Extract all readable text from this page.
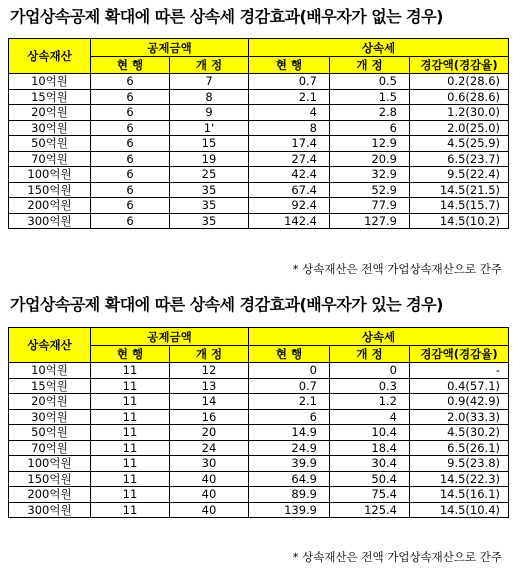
가업상속공제 확대에 따른 상속세 경감효과(배우자가 없는 경우)
상속재산	공제금액		상속세		
	현 행	개 정	현 행	개 정	경감액(경감율)
10억원	6	7	0.7	0.5	0.2(28.6)
15억원	6	8	2.1	1.5	0.6(28.6)
20억원	6	9	4	2.8	1.2(30.0)
30억원	6	1'	8	6	2.0(25.0)
50억원	6	15	17.4	12.9	4.5(25.9)
70억원	6	19	27.4	20.9	6.5(23.7)
100억원	6	25	42.4	32.9	9.5(22.4)
150억원	6	35	67.4	52.9	14.5(21.5)
200억원	6	35	92.4	77.9	14.5(15.7)
300억원	6	35	142.4	127.9	14.5(10.2)
* 상속재산은 전액 가업상속재산으로 간주
가업상속공제 확대에 따른 상속세 경감효과(배우자가 있는 경우)
상속재산	공제금액		상속세		
	현 행	개 정	현 행	개 정	경감액(경감율)
10억원	11	12	0	0	-
15억원	11	13	0.7	0.3	0.4(57.1)
20억원	11	14	2.1	1.2	0.9(42.9)
30억원	11	16	6	4	2.0(33.3)
50억원	11	20	14.9	10.4	4.5(30.2)
70억원	11	24	24.9	18.4	6.5(26.1)
100억원	11	30	39.9	30.4	9.5(23.8)
150억원	11	40	64.9	50.4	14.5(22.3)
200억원	11	40	89.9	75.4	14.5(16.1)
300억원	11	40	139.9	125.4	14.5(10.4)
* 상속재산은 전액 가업상속재산으로 간주
